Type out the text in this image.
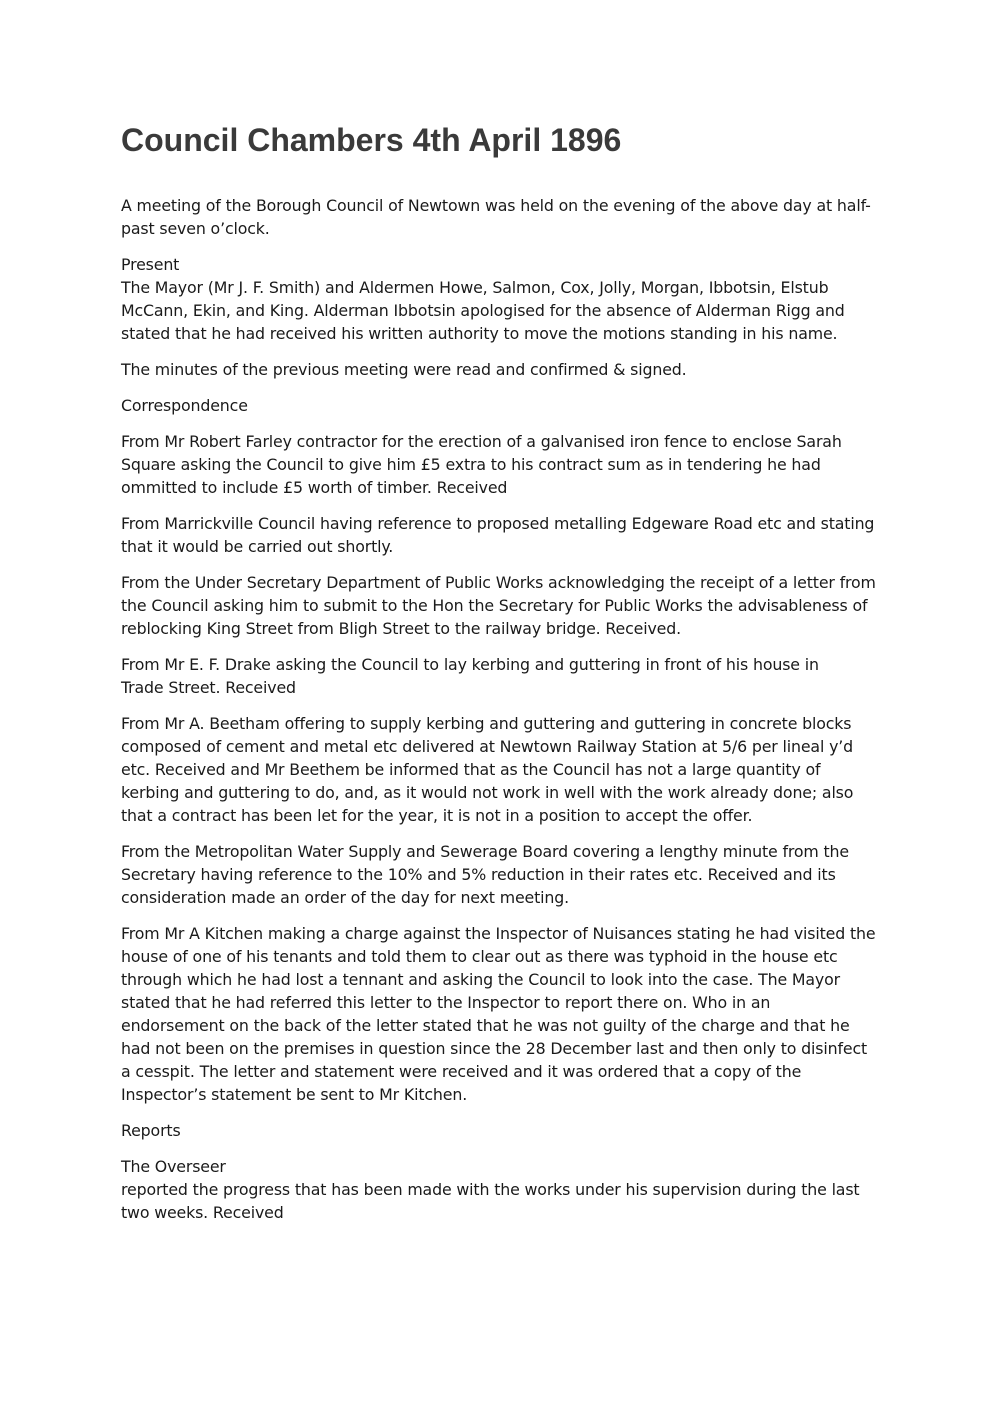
Council Chambers 4th April 1896

A meeting of the Borough Council of Newtown was held on the evening of the above day at half-
past seven o’clock.

Present
The Mayor (Mr J. F. Smith) and Aldermen Howe, Salmon, Cox, Jolly, Morgan, Ibbotsin, Elstub
McCann, Ekin, and King. Alderman Ibbotsin apologised for the absence of Alderman Rigg and
stated that he had received his written authority to move the motions standing in his name.

The minutes of the previous meeting were read and confirmed & signed.

Correspondence

From Mr Robert Farley contractor for the erection of a galvanised iron fence to enclose Sarah
Square asking the Council to give him £5 extra to his contract sum as in tendering he had
ommitted to include £5 worth of timber. Received

From Marrickville Council having reference to proposed metalling Edgeware Road etc and stating
that it would be carried out shortly.

From the Under Secretary Department of Public Works acknowledging the receipt of a letter from
the Council asking him to submit to the Hon the Secretary for Public Works the advisableness of
reblocking King Street from Bligh Street to the railway bridge. Received.

From Mr E. F. Drake asking the Council to lay kerbing and guttering in front of his house in
Trade Street. Received

From Mr A. Beetham offering to supply kerbing and guttering and guttering in concrete blocks
composed of cement and metal etc delivered at Newtown Railway Station at 5/6 per lineal y’d
etc. Received and Mr Beethem be informed that as the Council has not a large quantity of
kerbing and guttering to do, and, as it would not work in well with the work already done; also
that a contract has been let for the year, it is not in a position to accept the offer.

From the Metropolitan Water Supply and Sewerage Board covering a lengthy minute from the
Secretary having reference to the 10% and 5% reduction in their rates etc. Received and its
consideration made an order of the day for next meeting.

From Mr A Kitchen making a charge against the Inspector of Nuisances stating he had visited the
house of one of his tenants and told them to clear out as there was typhoid in the house etc
through which he had lost a tennant and asking the Council to look into the case. The Mayor
stated that he had referred this letter to the Inspector to report there on. Who in an
endorsement on the back of the letter stated that he was not guilty of the charge and that he
had not been on the premises in question since the 28 December last and then only to disinfect
a cesspit. The letter and statement were received and it was ordered that a copy of the
Inspector’s statement be sent to Mr Kitchen.

Reports

The Overseer
reported the progress that has been made with the works under his supervision during the last
two weeks. Received
